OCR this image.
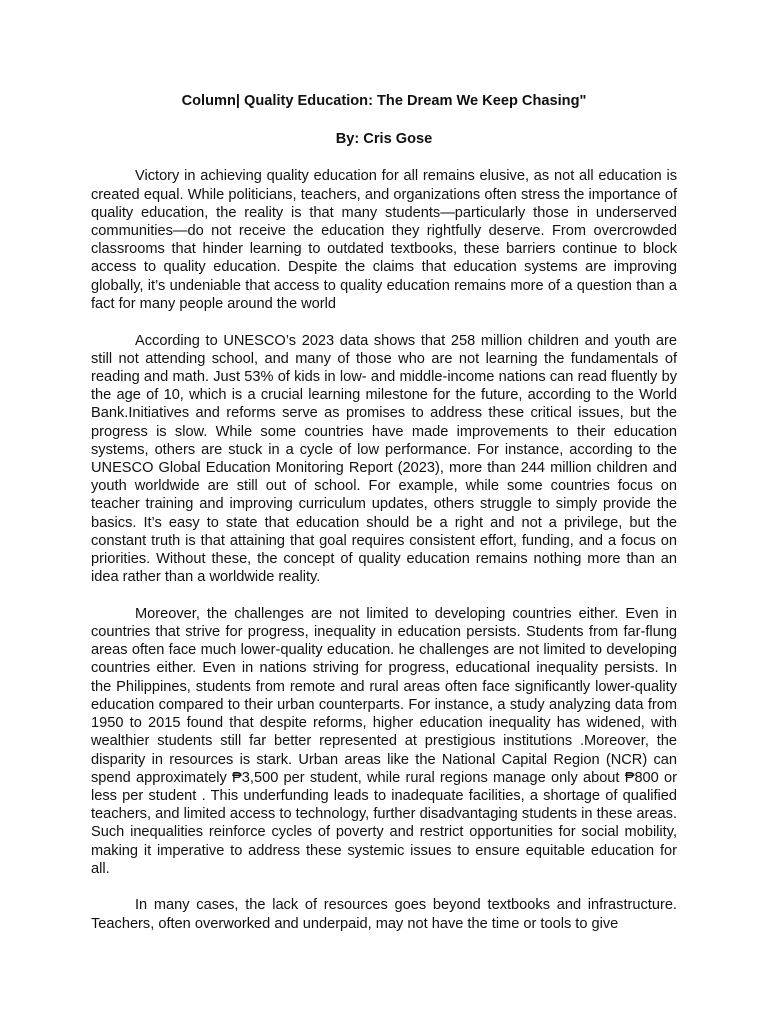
Column| Quality Education: The Dream We Keep Chasing"
By: Cris Gose

Victory in achieving quality education for all remains elusive, as not all education is created equal. While politicians, teachers, and organizations often stress the importance of quality education, the reality is that many students—particularly those in underserved communities—do not receive the education they rightfully deserve. From overcrowded classrooms that hinder learning to outdated textbooks, these barriers continue to block access to quality education. Despite the claims that education systems are improving globally, it’s undeniable that access to quality education remains more of a question than a fact for many people around the world

According to UNESCO’s 2023 data shows that 258 million children and youth are still not attending school, and many of those who are not learning the fundamentals of reading and math. Just 53% of kids in low- and middle-income nations can read fluently by the age of 10, which is a crucial learning milestone for the future, according to the World Bank.Initiatives and reforms serve as promises to address these critical issues, but the progress is slow. While some countries have made improvements to their education systems, others are stuck in a cycle of low performance. For instance, according to the UNESCO Global Education Monitoring Report (2023), more than 244 million children and youth worldwide are still out of school. For example, while some countries focus on teacher training and improving curriculum updates, others struggle to simply provide the basics. It’s easy to state that education should be a right and not a privilege, but the constant truth is that attaining that goal requires consistent effort, funding, and a focus on priorities. Without these, the concept of quality education remains nothing more than an idea rather than a worldwide reality.

Moreover, the challenges are not limited to developing countries either. Even in countries that strive for progress, inequality in education persists. Students from far-flung areas often face much lower-quality education. he challenges are not limited to developing countries either. Even in nations striving for progress, educational inequality persists. In the Philippines, students from remote and rural areas often face significantly lower-quality education compared to their urban counterparts. For instance, a study analyzing data from 1950 to 2015 found that despite reforms, higher education inequality has widened, with wealthier students still far better represented at prestigious institutions .Moreover, the disparity in resources is stark. Urban areas like the National Capital Region (NCR) can spend approximately ₱3,500 per student, while rural regions manage only about ₱800 or less per student . This underfunding leads to inadequate facilities, a shortage of qualified teachers, and limited access to technology, further disadvantaging students in these areas. Such inequalities reinforce cycles of poverty and restrict opportunities for social mobility, making it imperative to address these systemic issues to ensure equitable education for all.

In many cases, the lack of resources goes beyond textbooks and infrastructure. Teachers, often overworked and underpaid, may not have the time or tools to give
